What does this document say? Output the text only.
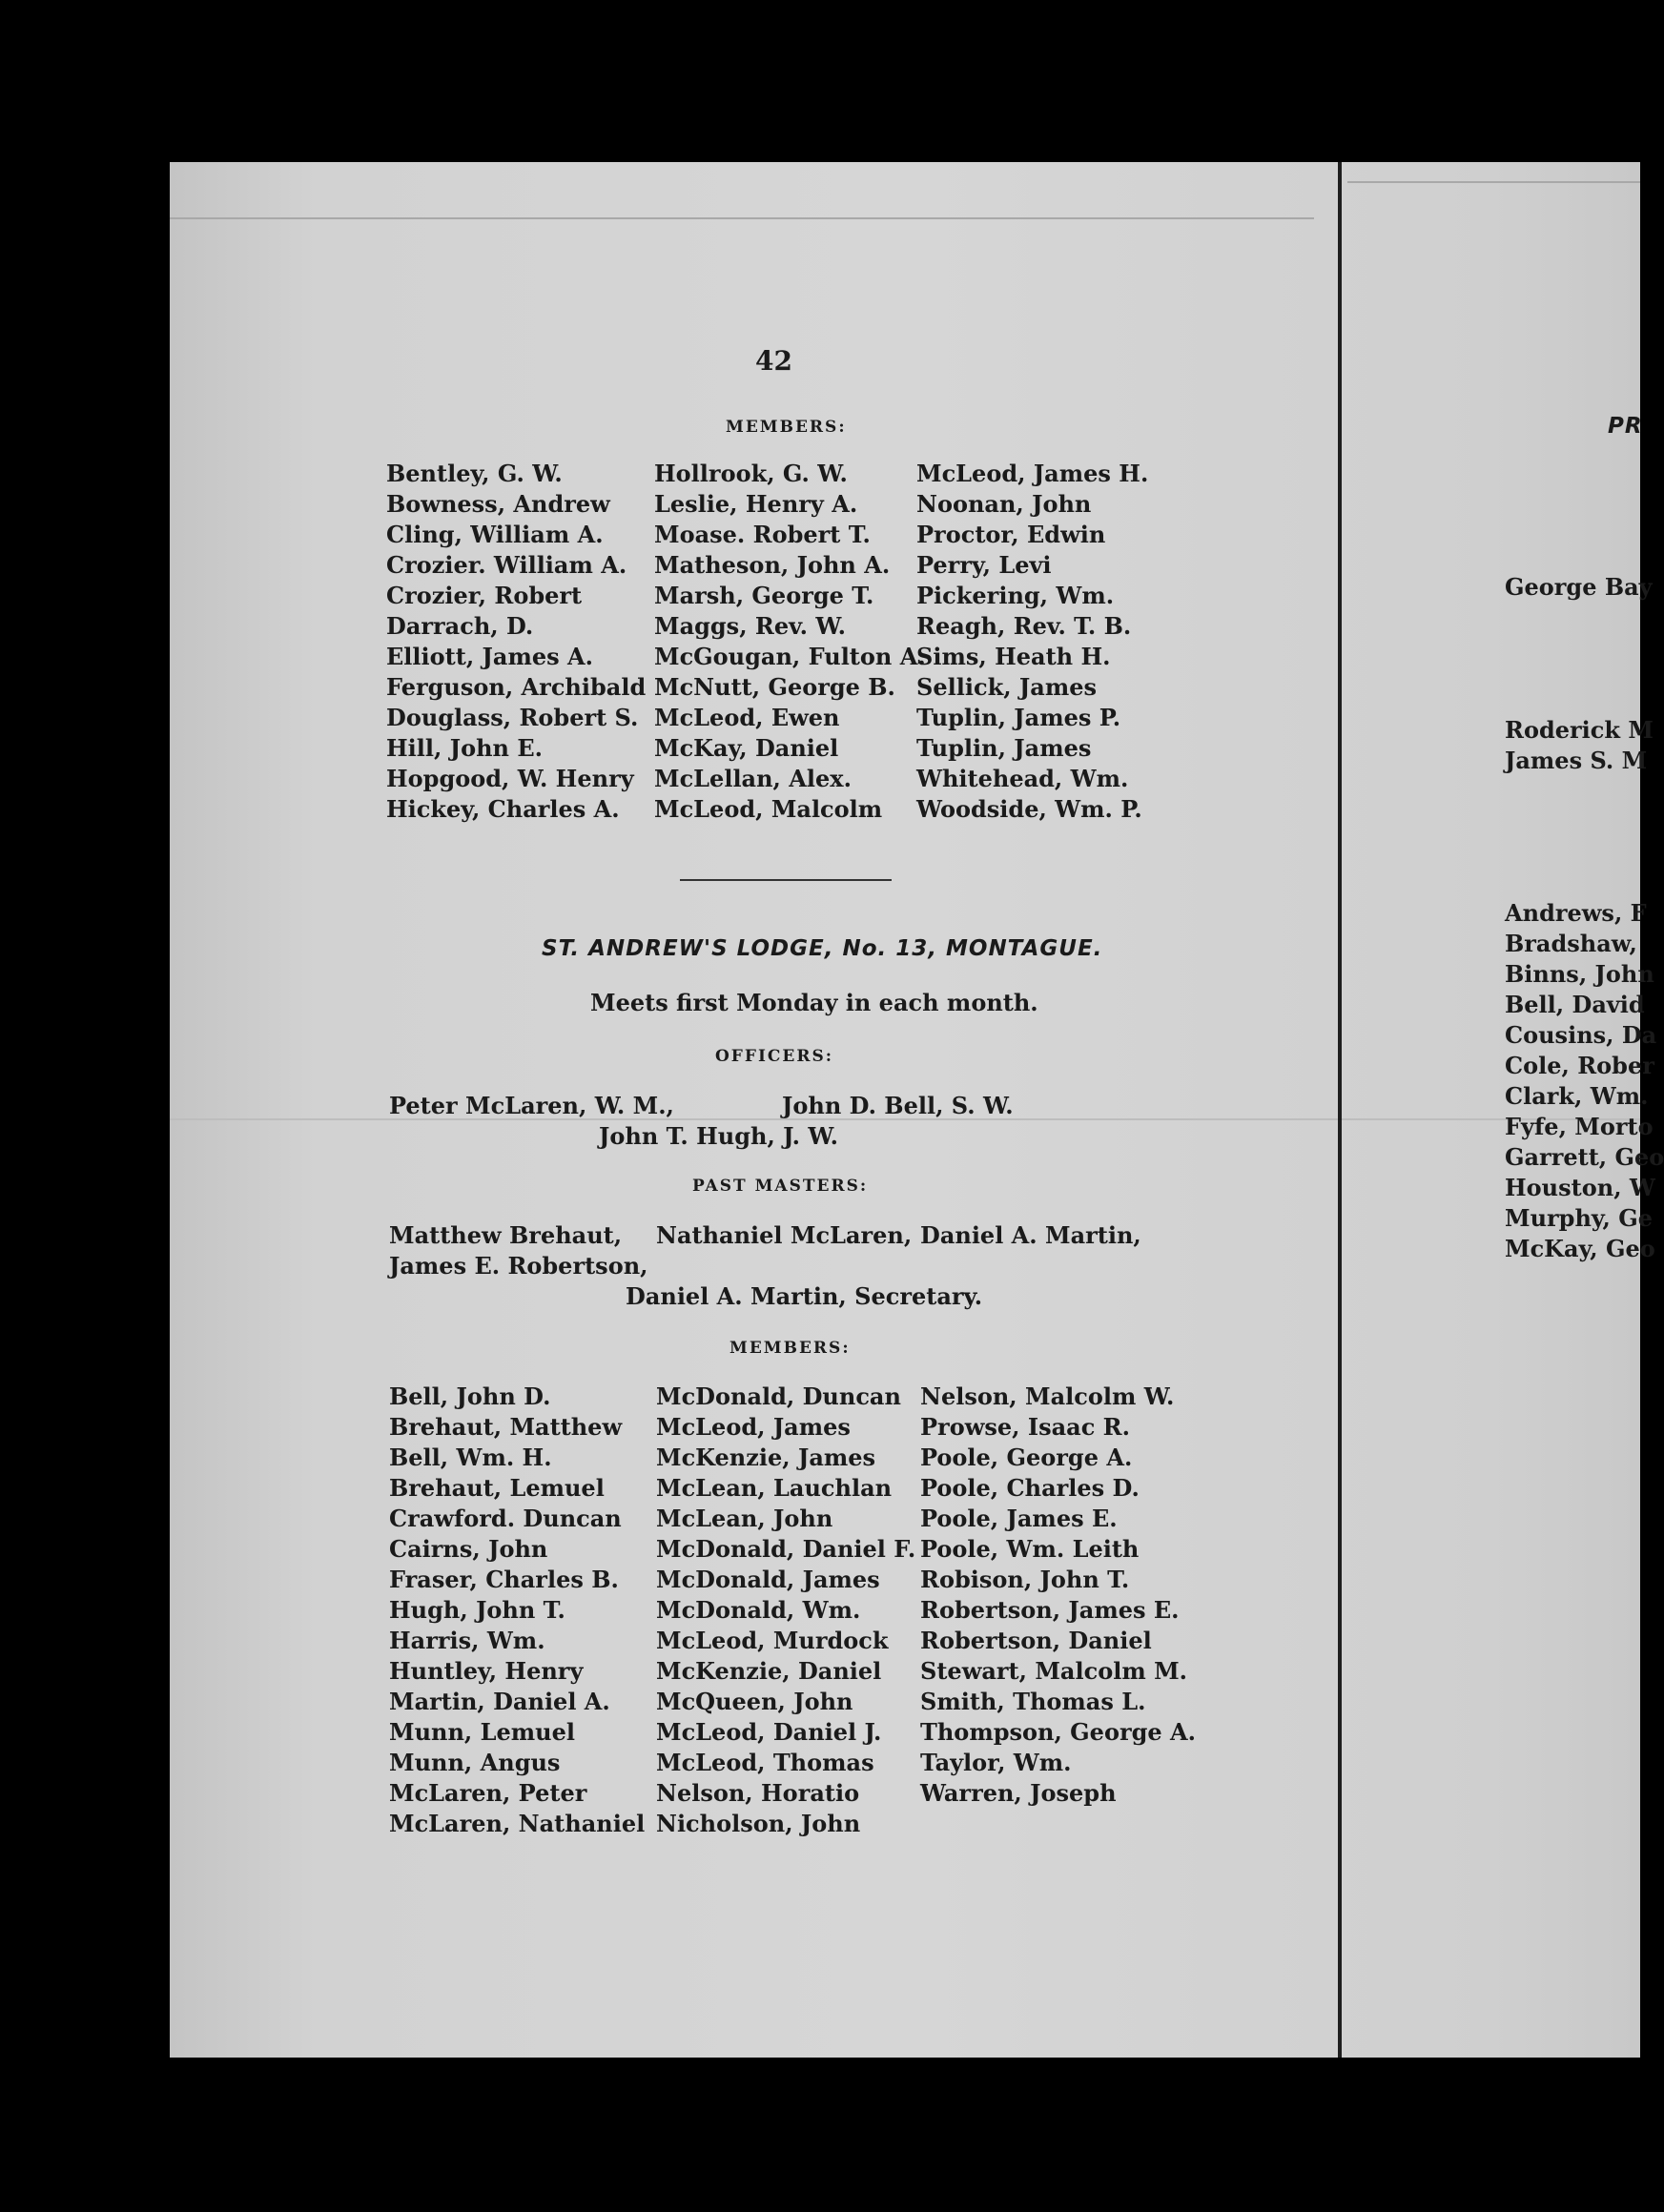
42
MEMBERS:
Bentley, G. W.
Bowness, Andrew
Cling, William A.
Crozier. William A.
Crozier, Robert
Darrach, D.
Elliott, James A.
Ferguson, Archibald
Douglass, Robert S.
Hill, John E.
Hopgood, W. Henry
Hickey, Charles A.
Hollrook, G. W.
Leslie, Henry A.
Moase. Robert T.
Matheson, John A.
Marsh, George T.
Maggs, Rev. W.
McGougan, Fulton A.
McNutt, George B.
McLeod, Ewen
McKay, Daniel
McLellan, Alex.
McLeod, Malcolm
McLeod, James H.
Noonan, John
Proctor, Edwin
Perry, Levi
Pickering, Wm.
Reagh, Rev. T. B.
Sims, Heath H.
Sellick, James
Tuplin, James P.
Tuplin, James
Whitehead, Wm.
Woodside, Wm. P.
ST. ANDREW'S LODGE, No. 13, MONTAGUE.
Meets first Monday in each month.
OFFICERS:
Peter McLaren, W. M.,	John D. Bell, S. W.
John T. Hugh, J. W.
PAST MASTERS:
Matthew Brehaut, Nathaniel McLaren, Daniel A. Martin,
James E. Robertson,
Daniel A. Martin, Secretary.
MEMBERS:
Bell, John D.
Brehaut, Matthew
Bell, Wm. H.
Brehaut, Lemuel
Crawford. Duncan
Cairns, John
Fraser, Charles B.
Hugh, John T.
Harris, Wm.
Huntley, Henry
Martin, Daniel A.
Munn, Lemuel
Munn, Angus
McLaren, Peter
McLaren, Nathaniel
McDonald, Duncan
McLeod, James
McKenzie, James
McLean, Lauchlan
McLean, John
McDonald, Daniel F.
McDonald, James
McDonald, Wm.
McLeod, Murdock
McKenzie, Daniel
McQueen, John
McLeod, Daniel J.
McLeod, Thomas
Nelson, Horatio
Nicholson, John
Nelson, Malcolm W.
Prowse, Isaac R.
Poole, George A.
Poole, Charles D.
Poole, James E.
Poole, Wm. Leith
Robison, John T.
Robertson, James E.
Robertson, Daniel
Stewart, Malcolm M.
Smith, Thomas L.
Thompson, George A.
Taylor, Wm.
Warren, Joseph
PR
George Bay
Roderick M
James S. M
Andrews, F
Bradshaw,
Binns, John
Bell, David
Cousins, Da
Cole, Rober
Clark, Wm.
Fyfe, Morto
Garrett, Geo
Houston, W
Murphy, Ge
McKay, Geo
